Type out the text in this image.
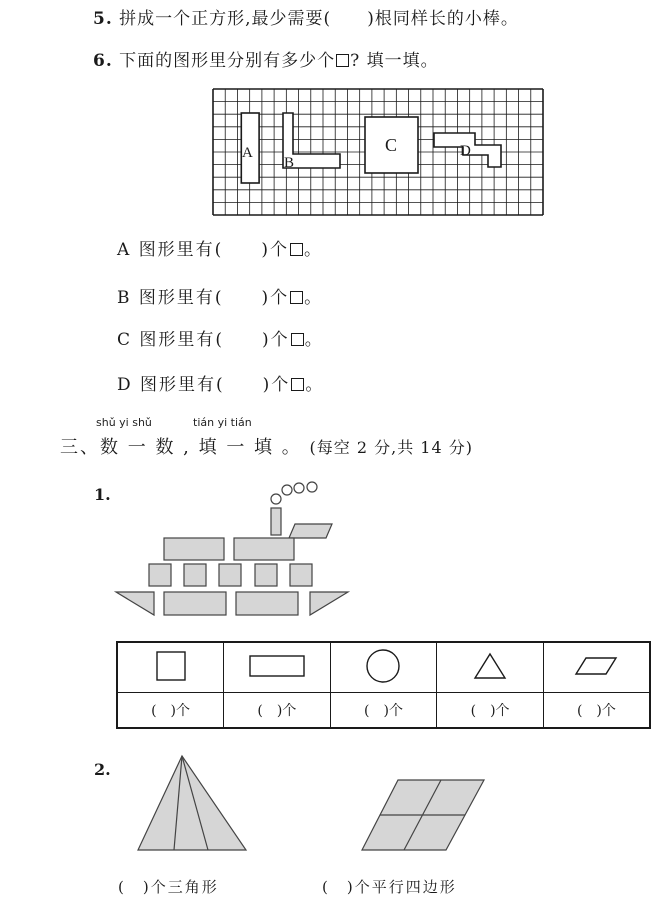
5. 拼成一个正方形,最少需要(　　)根同样长的小棒。
6. 下面的图形里分别有多少个 ? 填一填。
A
B
C	D
A 图形里有(　　)个 。
B 图形里有(　　)个 。
C 图形里有(　　)个 。
D 图形里有(　　)个 。
shǔ yi shǔ	tián yi tián
三、数 一 数 , 填 一 填 。 (每空 2 分,共 14 分)
1.

(　)个	(　)个	(　)个	(　)个	(　)个
2.
(　)个三角形	(　)个平行四边形
